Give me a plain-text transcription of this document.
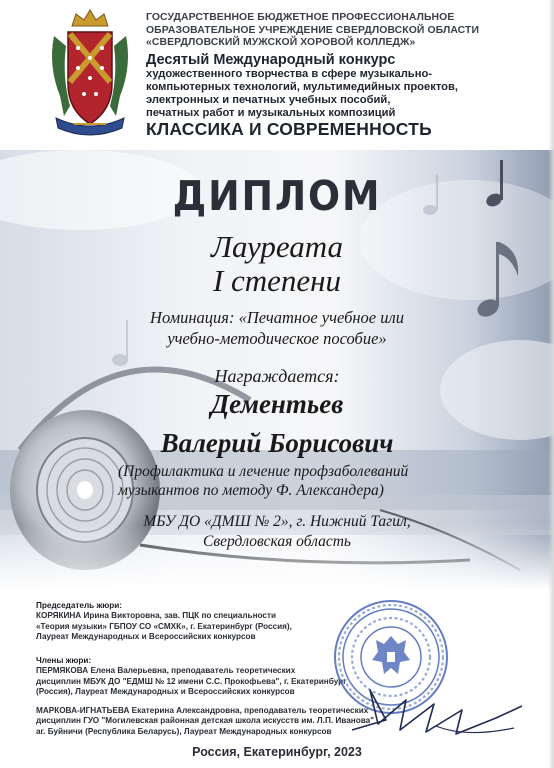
ГОСУДАРСТВЕННОЕ БЮДЖЕТНОЕ ПРОФЕССИОНАЛЬНОЕ
ОБРАЗОВАТЕЛЬНОЕ УЧРЕЖДЕНИЕ СВЕРДЛОВСКОЙ ОБЛАСТИ
«СВЕРДЛОВСКИЙ МУЖСКОЙ ХОРОВОЙ КОЛЛЕДЖ»
Десятый Международный конкурс
художественного творчества в сфере музыкально-
компьютерных технологий, мультимедийных проектов,
электронных и печатных учебных пособий,
печатных работ и музыкальных композиций
КЛАССИКА И СОВРЕМЕННОСТЬ
ДИПЛОМ
Лауреата
I степени
Номинация: «Печатное учебное или
учебно-методическое пособие»
Награждается:
Дементьев
Валерий Борисович
(Профилактика и лечение профзаболеваний
музыкантов по методу Ф. Александера)
МБУ ДО «ДМШ № 2», г. Нижний Тагил,
Свердловская область
Председатель жюри:
КОРЯКИНА Ирина Викторовна, зав. ПЦК по специальности
«Теория музыки» ГБПОУ СО «СМХК», г. Екатеринбург (Россия),
Лауреат Международных и Всероссийских конкурсов
Члены жюри:
ПЕРМЯКОВА Елена Валерьевна, преподаватель теоретических
дисциплин МБУК ДО "ЕДМШ № 12 имени С.С. Прокофьева", г. Екатеринбург
(Россия), Лауреат Международных и Всероссийских конкурсов
МАРКОВА-ИГНАТЬЕВА Екатерина Александровна, преподаватель теоретических
дисциплин ГУО "Могилевская районная детская школа искусств им. Л.П. Иванова"
аг. Буйничи (Республика Беларусь), Лауреат Международных конкурсов
Россия, Екатеринбург, 2023
